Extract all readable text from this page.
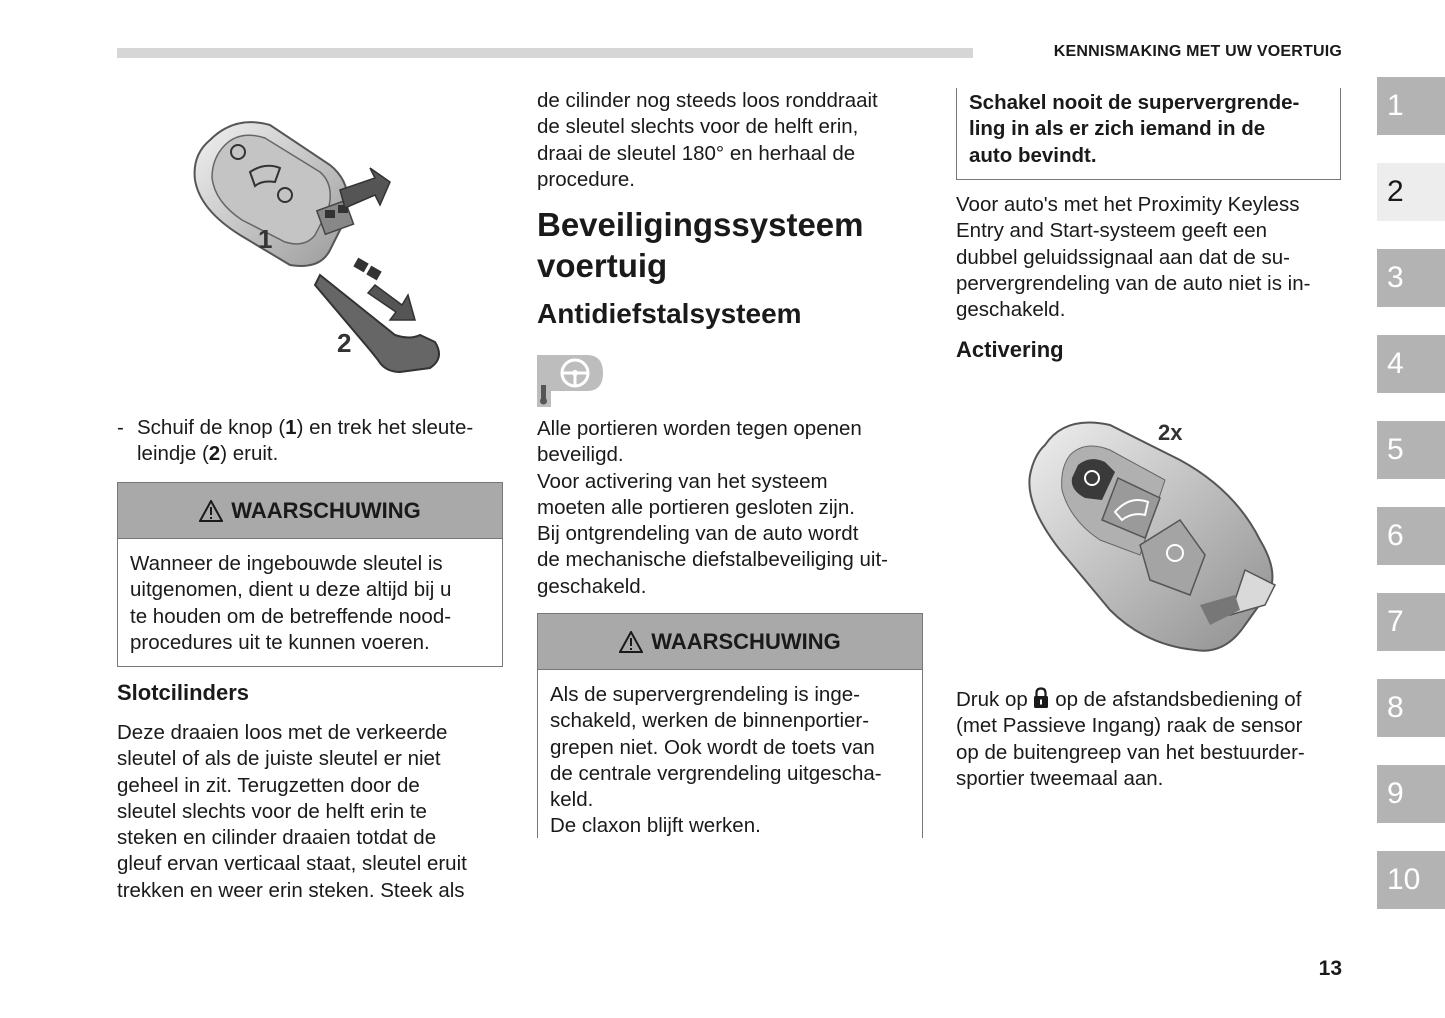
KENNISMAKING MET UW VOERTUIG
1
2
- Schuif de knop (1) en trek het sleute-
leindje (2) eruit.
WAARSCHUWING
Wanneer de ingebouwde sleutel is
uitgenomen, dient u deze altijd bij u
te houden om de betreffende nood-
procedures uit te kunnen voeren.
Slotcilinders

Deze draaien loos met de verkeerde

sleutel of als de juiste sleutel er niet

geheel in zit. Terugzetten door de

sleutel slechts voor de helft erin te

steken en cilinder draaien totdat de

gleuf ervan verticaal staat, sleutel eruit

trekken en weer erin steken. Steek als

de cilinder nog steeds loos ronddraait

de sleutel slechts voor de helft erin,

draai de sleutel 180° en herhaal de

procedure.

Beveiligingssysteem
voertuig
Antidiefstalsysteem

Alle portieren worden tegen openen

beveiligd.

Voor activering van het systeem

moeten alle portieren gesloten zijn.

Bij ontgrendeling van de auto wordt

de mechanische diefstalbeveiliging uit-

geschakeld.

WAARSCHUWING
Als de supervergrendeling is inge-
schakeld, werken de binnenportier-
grepen niet. Ook wordt de toets van
de centrale vergrendeling uitgescha-
keld.
De claxon blijft werken.
Schakel nooit de supervergrende-
ling in als er zich iemand in de
auto bevindt.

Voor auto's met het Proximity Keyless

Entry and Start-systeem geeft een

dubbel geluidssignaal aan dat de su-

pervergrendeling van de auto niet is in-

geschakeld.

Activering
2x

Druk op op de afstandsbediening of

(met Passieve Ingang) raak de sensor

op de buitengreep van het bestuurder-

sportier tweemaal aan.

1
2
3
4
5
6
7
8
9
10
13
